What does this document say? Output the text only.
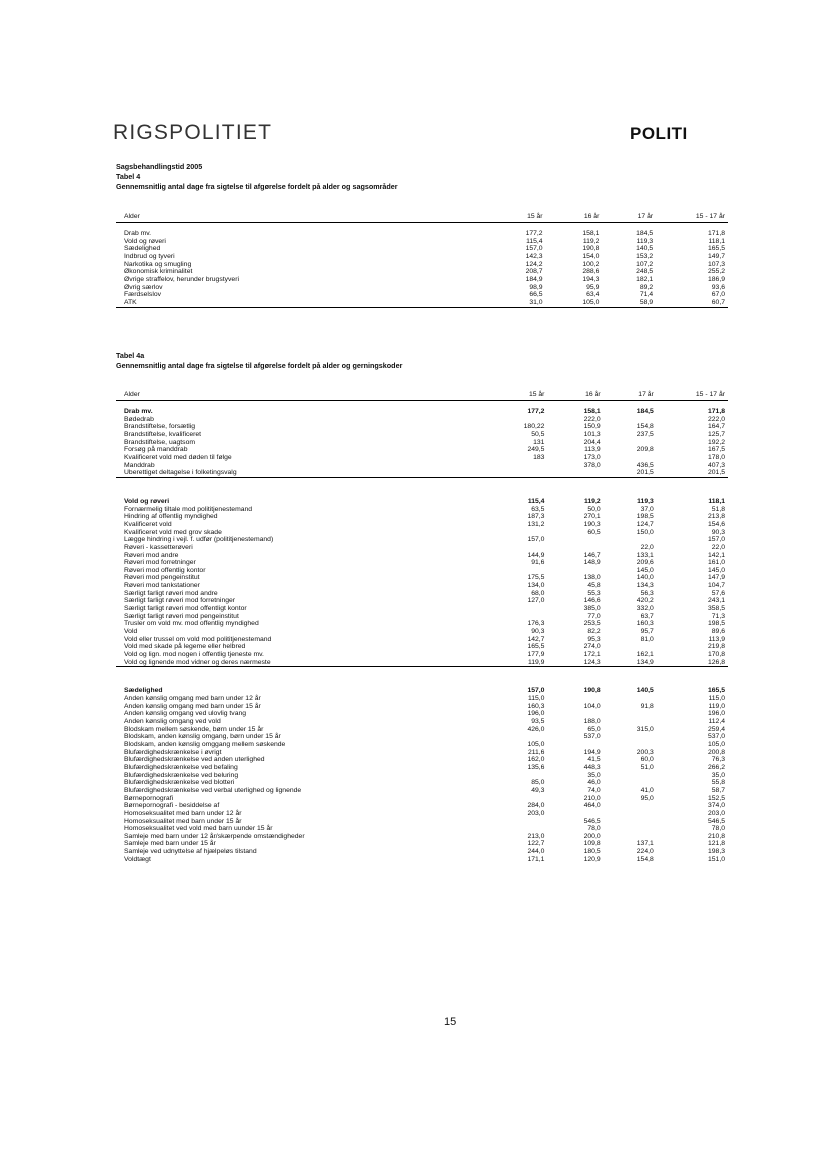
RIGSPOLITIET	POLITI
Sagsbehandlingstid 2005
Tabel 4
Gennemsnitlig antal dage fra sigtelse til afgørelse fordelt på alder og sagsområder
Alder	15 år	16 år	17 år	15 - 17 år

Drab mv.	177,2	158,1	184,5	171,8
Vold og røveri	115,4	119,2	119,3	118,1
Sædelighed	157,0	190,8	140,5	165,5
Indbrud og tyveri	142,3	154,0	153,2	149,7
Narkotika og smugling	124,2	100,2	107,2	107,3
Økonomisk kriminalitet	208,7	288,6	248,5	255,2
Øvrige straffelov, herunder brugstyveri	184,9	194,3	182,1	186,9
Øvrig særlov	98,9	95,9	89,2	93,6
Færdselslov	66,5	63,4	71,4	67,0
ATK	31,0	105,0	58,9	60,7
Tabel 4a
Gennemsnitlig antal dage fra sigtelse til afgørelse fordelt på alder og gerningskoder
Alder	15 år	16 år	17 år	15 - 17 år

Drab mv.	177,2	158,1	184,5	171,8
Bødedrab		222,0		222,0
Brandstiftelse, forsætlig	180,22	150,9	154,8	164,7
Brandstiftelse, kvalificeret	50,5	101,3	237,5	125,7
Brandstiftelse, uagtsom	131	204,4		192,2
Forsøg på manddrab	249,5	113,9	209,8	167,5
Kvalificeret vold med døden til følge	183	173,0		178,0
Manddrab		378,0	436,5	407,3
Uberettiget deltagelse i folketingsvalg			201,5	201,5

Vold og røveri	115,4	119,2	119,3	118,1
Fornærmelig tiltale mod polititjenestemand	63,5	50,0	37,0	51,8
Hindring af offentlig myndighed	187,3	270,1	198,5	213,8
Kvalificeret vold	131,2	190,3	124,7	154,6
Kvalificeret vold med grov skade		60,5	150,0	90,3
Lægge hindring i vejl. f. udfør (polititjenestemand)	157,0			157,0
Røveri - kassetterøveri			22,0	22,0
Røveri mod andre	144,9	146,7	133,1	142,1
Røveri mod forretninger	91,6	148,9	209,6	161,0
Røveri mod offentlig kontor			145,0	145,0
Røveri mod pengeinstitut	175,5	138,0	140,0	147,9
Røveri mod tankstationer	134,0	45,8	134,3	104,7
Særligt farligt røveri mod andre	68,0	55,3	56,3	57,6
Særligt farligt røveri mod forretninger	127,0	146,6	420,2	243,1
Særligt farligt røveri mod offentligt kontor		385,0	332,0	358,5
Særligt farligt røveri mod pengeinstitut		77,0	63,7	71,3
Trusler om vold mv. mod offentlig myndighed	176,3	253,5	160,3	198,5
Vold	90,3	82,2	95,7	89,6
Vold eller trussel om vold mod polititjenestemand	142,7	95,3	81,0	113,9
Vold med skade på legeme eller helbred	165,5	274,0		219,8
Vold og lign. mod nogen i offentlig tjeneste mv.	177,9	172,1	162,1	170,8
Vold og lignende mod vidner og deres nærmeste	119,9	124,3	134,9	126,8

Sædelighed	157,0	190,8	140,5	165,5
Anden kønslig omgang med barn under 12 år	115,0			115,0
Anden kønslig omgang med barn under 15 år	160,3	104,0	91,8	119,0
Anden kønslig omgang ved ulovlig tvang	196,0			196,0
Anden kønslig omgang ved vold	93,5	188,0		112,4
Blodskam mellem søskende, børn under 15 år	426,0	65,0	315,0	259,4
Blodskam, anden kønslig omgang, børn under 15 år		537,0		537,0
Blodskam, anden kønslig omggang mellem søskende	105,0			105,0
Blufærdighedskrænkelse i øvrigt	211,6	194,9	200,3	200,8
Blufærdighedskrænkelse ved anden uterlighed	162,0	41,5	60,0	76,3
Blufærdighedskrænkelse ved befaling	135,6	448,3	51,0	266,2
Blufærdighedskrænkelse ved beluring		35,0		35,0
Blufærdighedskrænkelse ved blotteri	85,0	46,0		55,8
Blufærdighedskrænkelse ved verbal uterlighed og lignende	49,3	74,0	41,0	58,7
Børnepornografi		210,0	95,0	152,5
Børnepornografi - besiddelse af	284,0	464,0		374,0
Homoseksualitet med barn under 12 år	203,0			203,0
Homoseksualitet med barn under 15 år		546,5		546,5
Homoseksualitet ved vold med barn uunder 15 år		78,0		78,0
Samleje med barn under 12 år/skærpende omstændigheder	213,0	200,0		210,8
Samleje med barn under 15 år	122,7	109,8	137,1	121,8
Samleje ved udnyttelse af hjælpeløs tilstand	244,0	180,5	224,0	198,3
Voldtægt	171,1	120,9	154,8	151,0
15
